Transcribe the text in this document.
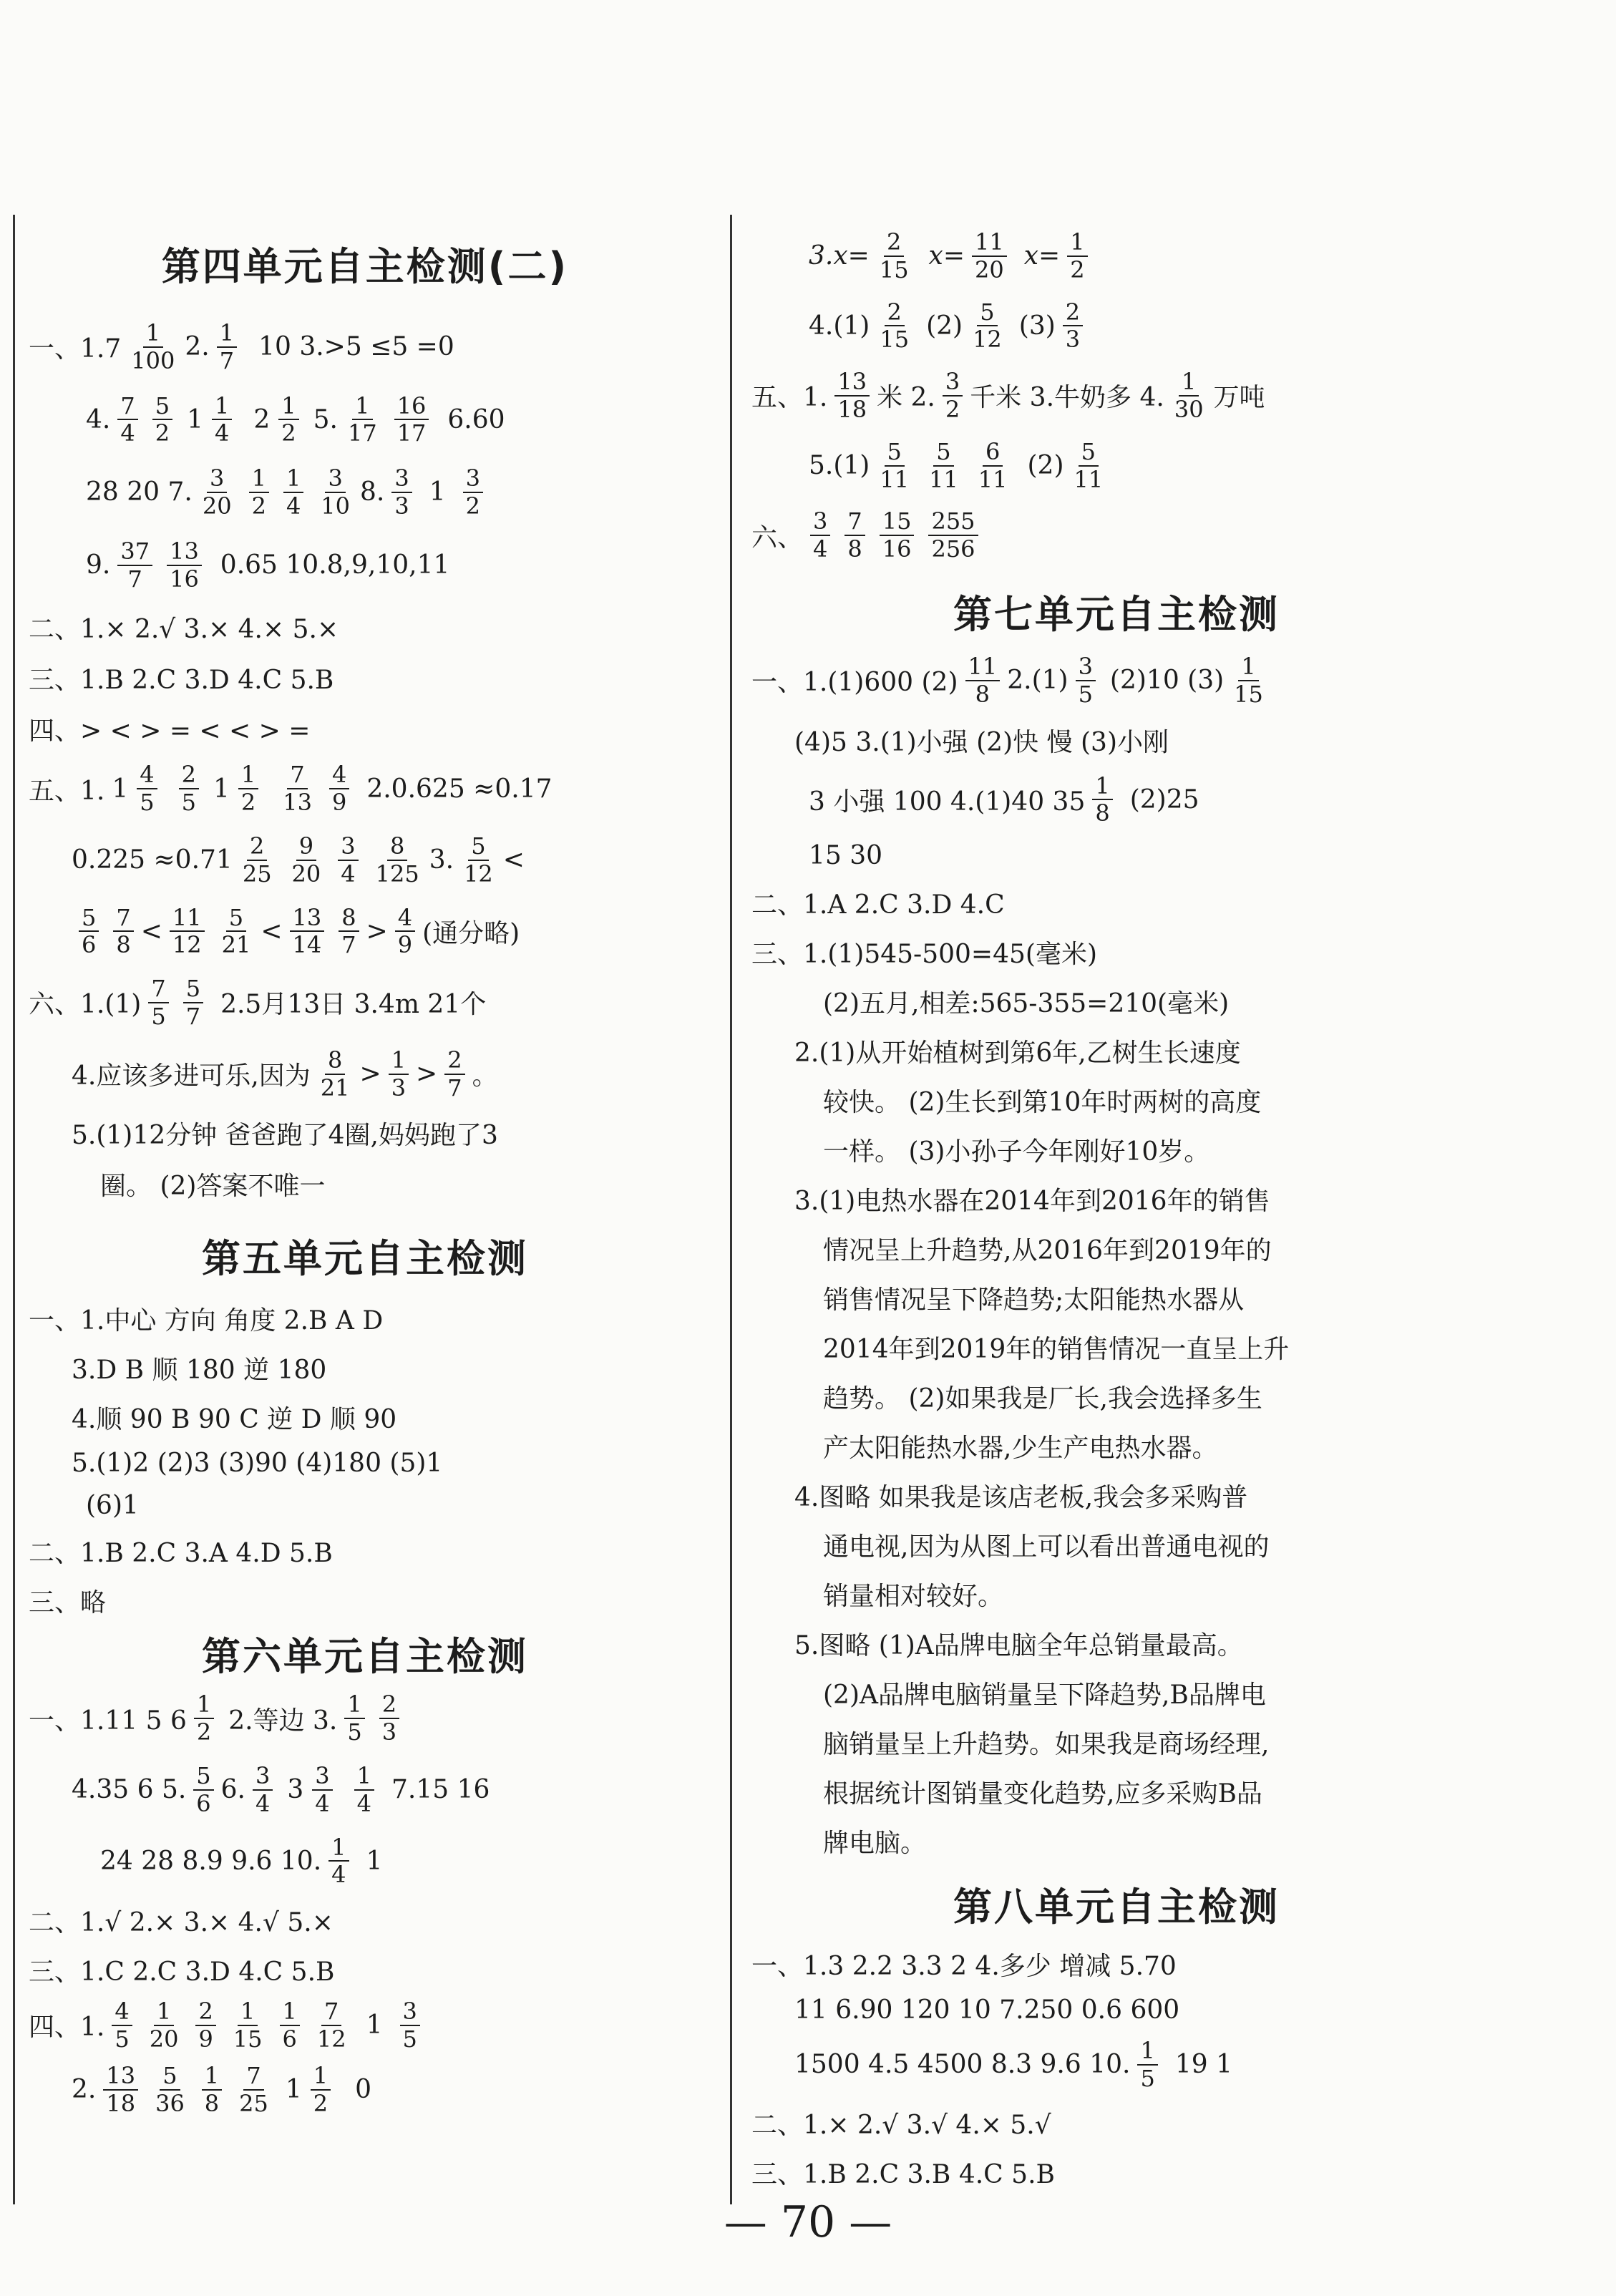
第四单元自主检测(二)
一、$1.7 \frac{1}{100} 2$. $\frac{1}{7} 10$ 3.>5 ≤5 =0
4. $\frac{7}{4} \frac{5}{2} 1 \frac{1}{4} 2 \frac{1}{2} 5$. $\frac{1}{17} \frac{16}{17} 6.60$
28 20 7. $\frac{3}{20} \frac{1}{2} \frac{1}{4} \frac{3}{10} 8$. $\frac{3}{3} 1 \frac{3}{2}$
9. $\frac{37}{7} \frac{13}{16} 0.65$ 10.8,9,10,11
二、1.× 2.√ 3.× 4.× 5.×
三、1.B 2.C 3.D 4.C 5.B
四、> < > = < < > =
五、1. $1 \frac{4}{5} \frac{2}{5} 1 \frac{1}{2} \frac{7}{13} \frac{4}{9} 2.0.625 \approx 0.17$
$0.225 \approx 0.71 \frac{2}{25} \frac{9}{20} \frac{3}{4} \frac{8}{125} 3$. $\frac{5}{12}$ <
$\frac{5}{6} \frac{7}{8} < \frac{11}{12} \frac{5}{21} < \frac{13}{14} \frac{8}{7} > \frac{4}{9}$ (通分略)
六、$1.(1) \frac{7}{5} \frac{5}{7} 2.5$月13日 3.4m 21个
4.应该多进可乐,因为 $\frac{8}{21} > \frac{1}{3} > \frac{2}{7}$ 。
5.(1)12分钟 爸爸跑了4圈,妈妈跑了3
圈。 (2)答案不唯一
第五单元自主检测
一、1.中心 方向 角度 2.B A D
3.D B 顺 180 逆 180
4.顺 90 B 90 C 逆 D 顺 90
5.(1)2 (2)3 (3)90 (4)180 (5)1
(6)1
二、1.B 2.C 3.A 4.D 5.B
三、略
第六单元自主检测
一、1.11 5 $6 \frac{1}{2} 2$.等边 3. $\frac{1}{5} \frac{2}{3}$
4.35 6 5. $\frac{5}{6} 6$. $\frac{3}{4} 3 \frac{3}{4} \frac{1}{4} 7.15$ 16
24 28 8.9 9.6 10. $\frac{1}{4} 1$
二、1.√ 2.× 3.× 4.√ 5.×
三、1.C 2.C 3.D 4.C 5.B
四、1. $\frac{4}{5} \frac{1}{20} \frac{2}{9} \frac{1}{15} \frac{1}{6} \frac{7}{12} 1 \frac{3}{5}$
2. $\frac{13}{18} \frac{5}{36} \frac{1}{8} \frac{7}{25} 1 \frac{1}{2} 0$
$3.x= \frac{2}{15} x= \frac{11}{20} x= \frac{1}{2}$
$4.(1) \frac{2}{15} (2) \frac{5}{12} (3) \frac{2}{3}$
五、1. $\frac{13}{18}$ 米 2. $\frac{3}{2}$ 千米 3.牛奶多 4. $\frac{1}{30}$ 万吨
$5.(1) \frac{5}{11} \frac{5}{11} \frac{6}{11} (2) \frac{5}{11}$
六、 $\frac{3}{4} \frac{7}{8} \frac{15}{16} \frac{255}{256}$
第七单元自主检测
一、1.(1)600 $(2) \frac{11}{8} 2.(1) \frac{3}{5} (2)10$ $(3) \frac{1}{15}$
(4)5 3.(1)小强 (2)快 慢 (3)小刚
3 小强 100 4.(1)40 $35 \frac{1}{8} (2)25$
15 30
二、1.A 2.C 3.D 4.C
三、1.(1)545-500=45(毫米)
(2)五月,相差:565-355=210(毫米)
2.(1)从开始植树到第6年,乙树生长速度
较快。 (2)生长到第10年时两树的高度
一样。 (3)小孙子今年刚好10岁。
3.(1)电热水器在2014年到2016年的销售
情况呈上升趋势,从2016年到2019年的
销售情况呈下降趋势;太阳能热水器从
2014年到2019年的销售情况一直呈上升
趋势。 (2)如果我是厂长,我会选择多生
产太阳能热水器,少生产电热水器。
4.图略 如果我是该店老板,我会多采购普
通电视,因为从图上可以看出普通电视的
销量相对较好。
5.图略 (1)A品牌电脑全年总销量最高。
(2)A品牌电脑销量呈下降趋势,B品牌电
脑销量呈上升趋势。如果我是商场经理,
根据统计图销量变化趋势,应多采购B品
牌电脑。
第八单元自主检测
一、1.3 2.2 3.3 2 4.多少 增减 5.70
11 6.90 120 10 7.250 0.6 600
1500 4.5 4500 8.3 9.6 10. $\frac{1}{5} 19$ 1
二、1.× 2.√ 3.√ 4.× 5.√
三、1.B 2.C 3.B 4.C 5.B
— 70 —
